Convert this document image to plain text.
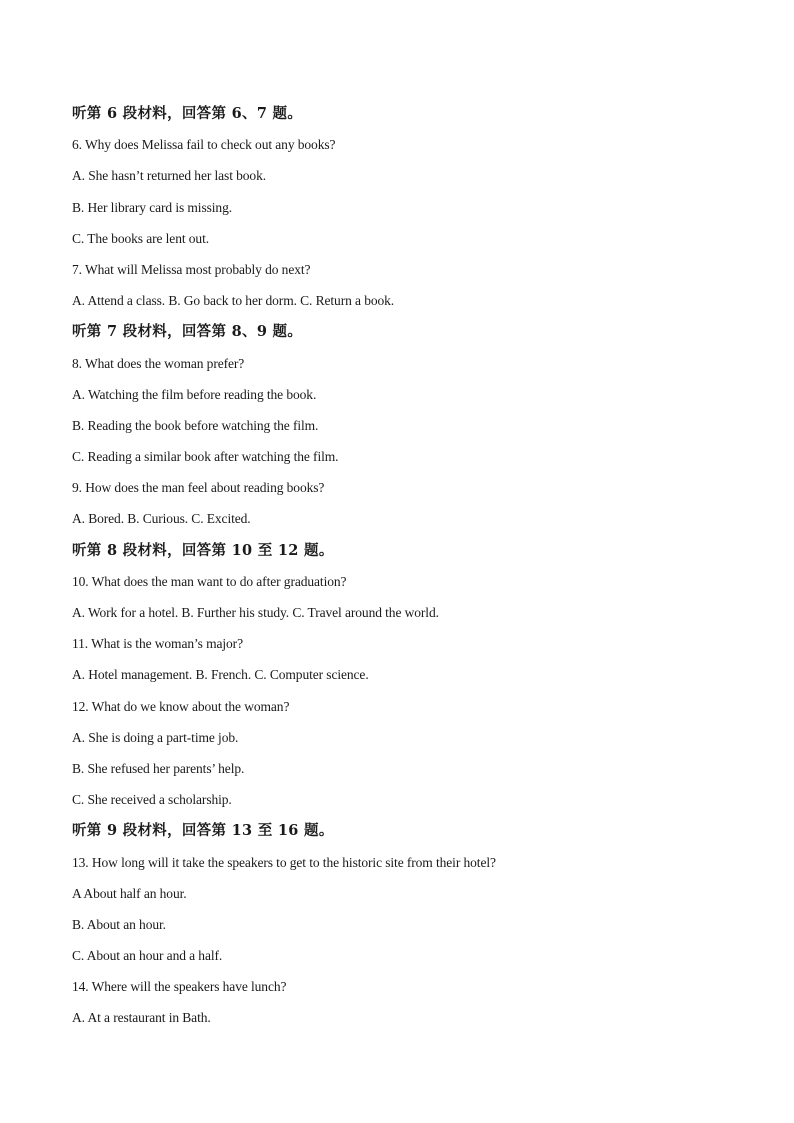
听第 6 段材料，回答第 6、7 题。
6. Why does Melissa fail to check out any books?
A. She hasn’t returned her last book.
B. Her library card is missing.
C. The books are lent out.
7. What will Melissa most probably do next?
A. Attend a class. B. Go back to her dorm. C. Return a book.
听第 7 段材料，回答第 8、9 题。
8. What does the woman prefer?
A. Watching the film before reading the book.
B. Reading the book before watching the film.
C. Reading a similar book after watching the film.
9. How does the man feel about reading books?
A. Bored. B. Curious. C. Excited.
听第 8 段材料，回答第 10 至 12 题。
10. What does the man want to do after graduation?
A. Work for a hotel. B. Further his study. C. Travel around the world.
11. What is the woman’s major?
A. Hotel management. B. French. C. Computer science.
12. What do we know about the woman?
A. She is doing a part-time job.
B. She refused her parents’ help.
C. She received a scholarship.
听第 9 段材料，回答第 13 至 16 题。
13. How long will it take the speakers to get to the historic site from their hotel?
A About half an hour.
B. About an hour.
C. About an hour and a half.
14. Where will the speakers have lunch?
A. At a restaurant in Bath.
